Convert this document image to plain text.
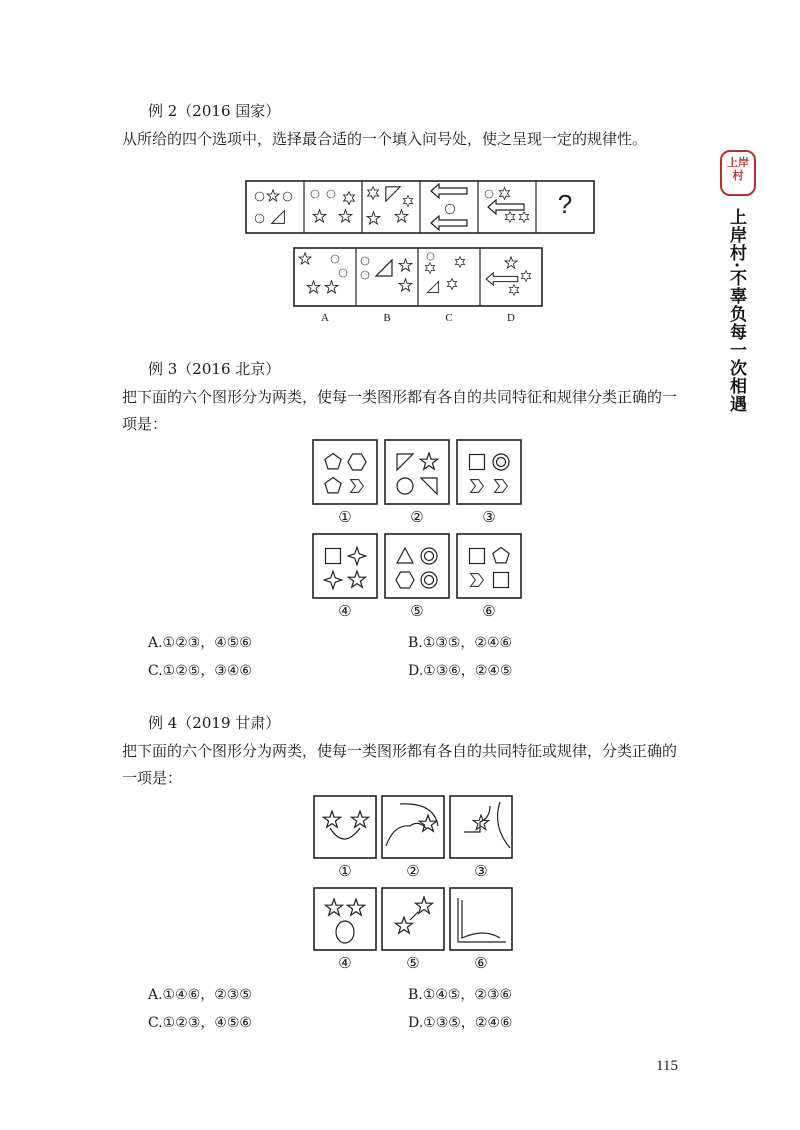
上岸村
上岸村·不辜负每一次相遇
例 2（2016 国家）
从所给的四个选项中，选择最合适的一个填入问号处，使之呈现一定的规律性。
?
A	B	C	D
例 3（2016 北京）
把下面的六个图形分为两类，使每一类图形都有各自的共同特征和规律分类正确的一项是：
①	②	③
④	⑤	⑥
A.①②③，④⑤⑥	B.①③⑤，②④⑥
C.①②⑤，③④⑥	D.①③⑥，②④⑤
例 4（2019 甘肃）
把下面的六个图形分为两类，使每一类图形都有各自的共同特征或规律，分类正确的一项是：
①	②	③
④	⑤	⑥
A.①④⑥，②③⑤	B.①④⑤，②③⑥
C.①②③，④⑤⑥	D.①③⑤，②④⑥
115
